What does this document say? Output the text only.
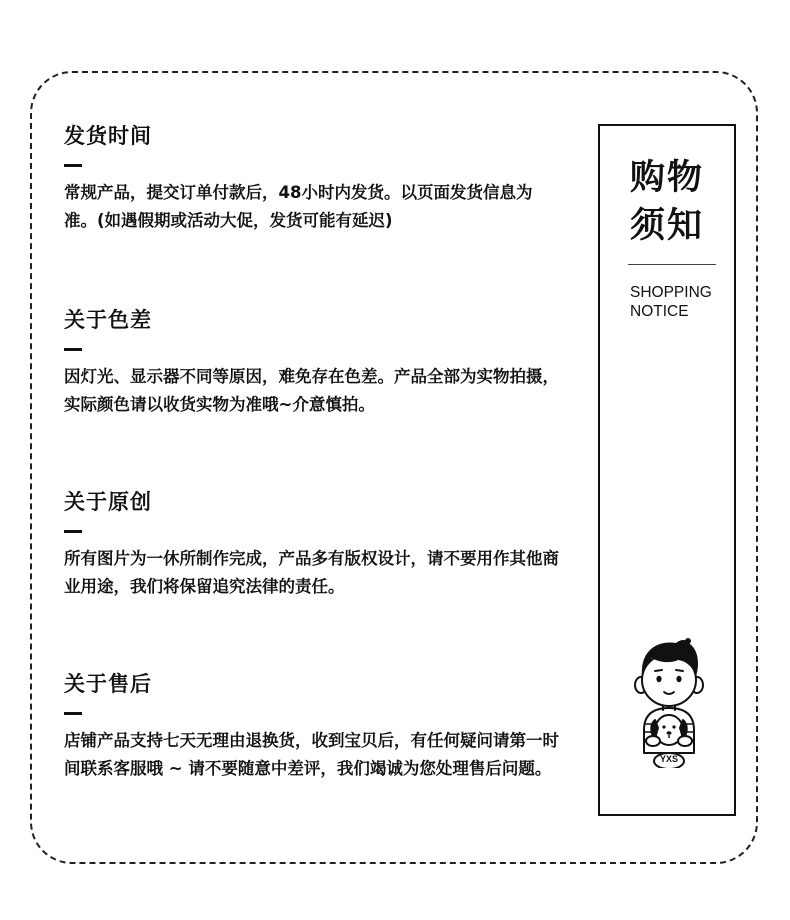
发货时间
常规产品，提交订单付款后，48小时内发货。以页面发货信息为准。(如遇假期或活动大促，发货可能有延迟)
关于色差
因灯光、显示器不同等原因，难免存在色差。产品全部为实物拍摄，实际颜色请以收货实物为准哦~介意慎拍。
关于原创
所有图片为一休所制作完成，产品多有版权设计，请不要用作其他商业用途，我们将保留追究法律的责任。
关于售后
店铺产品支持七天无理由退换货，收到宝贝后，有任何疑问请第一时间联系客服哦 ~ 请不要随意中差评，我们竭诚为您处理售后问题。
购物
须知
SHOPPING
NOTICE
YXS
